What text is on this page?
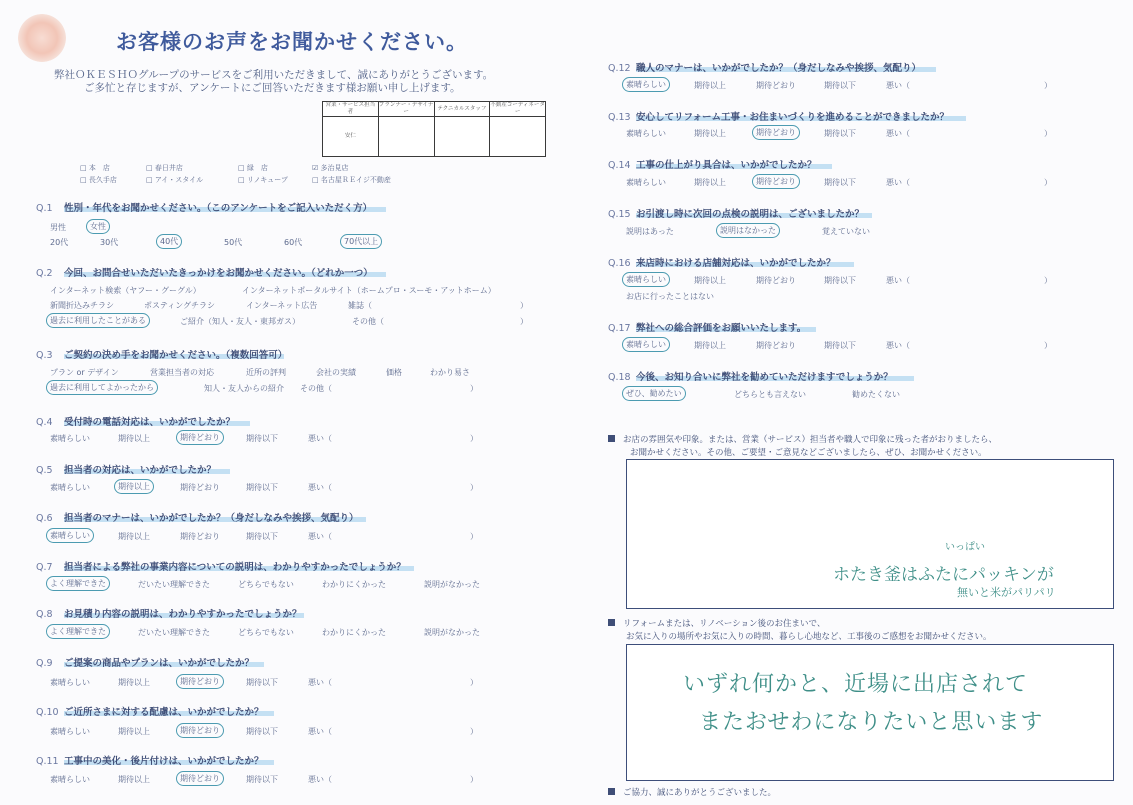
お客様のお声をお聞かせください。
弊社ＯＫＥＳＨＯグループのサービスをご利用いただきまして、誠にありがとうございます。
ご多忙と存じますが、アンケートにご回答いただきます様お願い申し上げます。
営業・サービス担当者	プランナー・デザイナー	テクニカルスタッフ	不動産コーディネーター
安仁			
□ 本　店	□ 春日井店	□ 緑　店	☑ 多治見店
□ 長久手店	□ アイ・スタイル	□ リノキューブ	□ 名古屋ＲＥイジ不動産
Q.1 性別・年代をお聞かせください。（このアンケートをご記入いただく方）
男性	女性
20代	30代	40代	50代	60代	70代以上
Q.2 今回、お問合せいただいたきっかけをお聞かせください。（どれか一つ）
インターネット検索（ヤフー・グーグル）	インターネットポータルサイト（ホームプロ・スーモ・アットホーム）
新聞折込みチラシ	ポスティングチラシ	インターネット広告	雑誌（	）
過去に利用したことがある	ご紹介（知人・友人・東邦ガス）	その他（	）
Q.3 ご契約の決め手をお聞かせください。（複数回答可）
プラン or デザイン	営業担当者の対応	近所の評判	会社の実績	価格	わかり易さ
過去に利用してよかったから	知人・友人からの紹介 その他（	）
Q.4 受付時の電話対応は、いかがでしたか？
素晴らしい	期待以上	期待どおり	期待以下	悪い（	）
Q.5 担当者の対応は、いかがでしたか？
素晴らしい	期待以上	期待どおり	期待以下	悪い（	）
Q.6 担当者のマナーは、いかがでしたか？（身だしなみや挨拶、気配り）
素晴らしい	期待以上	期待どおり	期待以下	悪い（	）
Q.7 担当者による弊社の事業内容についての説明は、わかりやすかったでしょうか？
よく理解できた	だいたい理解できた	どちらでもない	わかりにくかった	説明がなかった
Q.8 お見積り内容の説明は、わかりやすかったでしょうか？
よく理解できた	だいたい理解できた	どちらでもない	わかりにくかった	説明がなかった
Q.9 ご提案の商品やプランは、いかがでしたか？
素晴らしい	期待以上	期待どおり	期待以下	悪い（	）
Q.10 ご近所さまに対する配慮は、いかがでしたか？
素晴らしい	期待以上	期待どおり	期待以下	悪い（	）
Q.11 工事中の美化・後片付けは、いかがでしたか？
素晴らしい	期待以上	期待どおり	期待以下	悪い（	）
Q.12 職人のマナーは、いかがでしたか？（身だしなみや挨拶、気配り）
素晴らしい	期待以上	期待どおり	期待以下	悪い（	）
Q.13 安心してリフォーム工事・お住まいづくりを進めることができましたか？
素晴らしい	期待以上	期待どおり	期待以下	悪い（	）
Q.14 工事の仕上がり具合は、いかがでしたか？
素晴らしい	期待以上	期待どおり	期待以下	悪い（	）
Q.15 お引渡し時に次回の点検の説明は、ございましたか？
説明はあった	説明はなかった	覚えていない
Q.16 来店時における店舗対応は、いかがでしたか？
素晴らしい	期待以上	期待どおり	期待以下	悪い（	）
お店に行ったことはない
Q.17 弊社への総合評価をお願いいたします。
素晴らしい	期待以上	期待どおり	期待以下	悪い（	）
Q.18 今後、お知り合いに弊社を勧めていただけますでしょうか？
ぜひ、勧めたい	どちらとも言えない	勧めたくない
お店の雰囲気や印象。または、営業（サービス）担当者や職人で印象に残った者がおりましたら、
お聞かせください。その他、ご要望・ご意見などございましたら、ぜひ、お聞かせください。
いっぱい
ホたき釜はふたにパッキンが
無いと米がパリパリ
リフォームまたは、リノベーション後のお住まいで、
お気に入りの場所やお気に入りの時間、暮らし心地など、工事後のご感想をお聞かせください。
いずれ何かと、近場に出店されて
またおせわになりたいと思います
ご協力、誠にありがとうございました。
